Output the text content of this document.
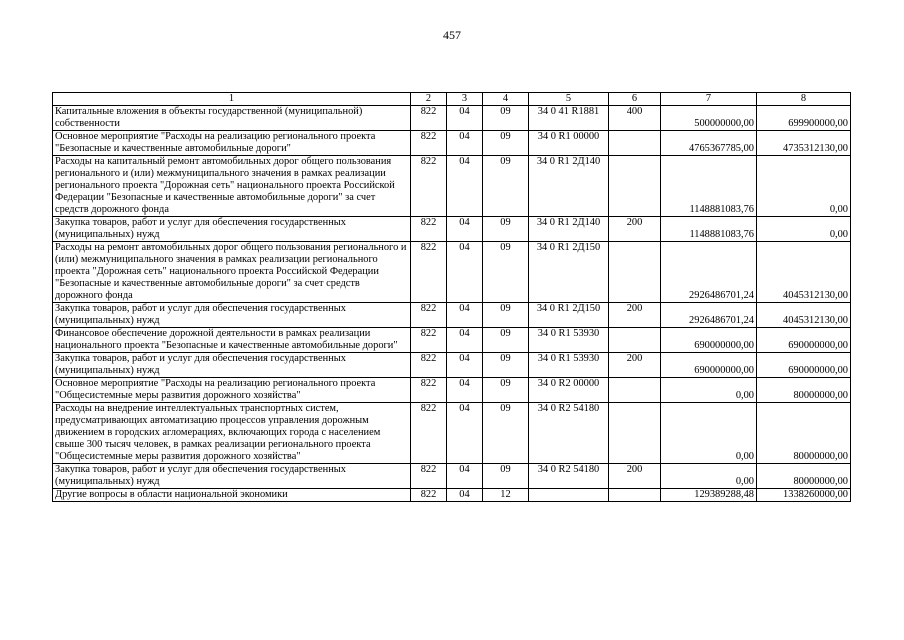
457
1	2	3	4	5	6	7	8
Капитальные вложения в объекты государственной (муниципальной) собственности	822	04	09	34 0 41 R1881	400	500000000,00	699900000,00
Основное мероприятие "Расходы на реализацию регионального проекта "Безопасные и качественные автомобильные дороги"	822	04	09	34 0 R1 00000		4765367785,00	4735312130,00
Расходы на капитальный ремонт автомобильных дорог общего пользования регионального и (или) межмуниципального значения в рамках реализации регионального проекта "Дорожная сеть" национального проекта Российской Федерации "Безопасные и качественные автомобильные дороги" за счет средств дорожного фонда	822	04	09	34 0 R1 2Д140		1148881083,76	0,00
Закупка товаров, работ и услуг для обеспечения государственных (муниципальных) нужд	822	04	09	34 0 R1 2Д140	200	1148881083,76	0,00
Расходы на ремонт автомобильных дорог общего пользования регионального и (или) межмуниципального значения в рамках реализации регионального проекта "Дорожная сеть" национального проекта Российской Федерации "Безопасные и качественные автомобильные дороги" за счет средств дорожного фонда	822	04	09	34 0 R1 2Д150		2926486701,24	4045312130,00
Закупка товаров, работ и услуг для обеспечения государственных (муниципальных) нужд	822	04	09	34 0 R1 2Д150	200	2926486701,24	4045312130,00
Финансовое обеспечение дорожной деятельности в рамках реализации национального проекта "Безопасные и качественные автомобильные дороги"	822	04	09	34 0 R1 53930		690000000,00	690000000,00
Закупка товаров, работ и услуг для обеспечения государственных (муниципальных) нужд	822	04	09	34 0 R1 53930	200	690000000,00	690000000,00
Основное мероприятие "Расходы на реализацию регионального проекта "Общесистемные меры развития дорожного хозяйства"	822	04	09	34 0 R2 00000		0,00	80000000,00
Расходы на внедрение интеллектуальных транспортных систем, предусматривающих автоматизацию процессов управления дорожным движением в городских агломерациях, включающих города с населением свыше 300 тысяч человек, в рамках реализации регионального проекта "Общесистемные меры развития дорожного хозяйства"	822	04	09	34 0 R2 54180		0,00	80000000,00
Закупка товаров, работ и услуг для обеспечения государственных (муниципальных) нужд	822	04	09	34 0 R2 54180	200	0,00	80000000,00
Другие вопросы в области национальной экономики	822	04	12			129389288,48	1338260000,00
